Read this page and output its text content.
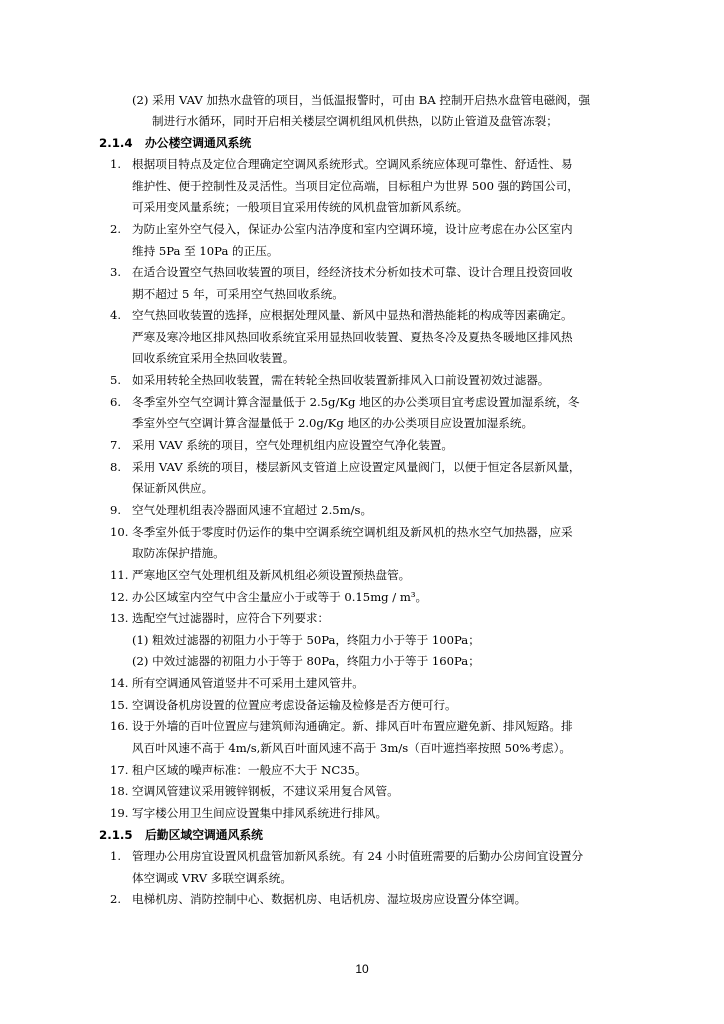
(2) 采用 VAV 加热水盘管的项目，当低温报警时，可由 BA 控制开启热水盘管电磁阀，强
制进行水循环，同时开启相关楼层空调机组风机供热，以防止管道及盘管冻裂；
2.1.4 办公楼空调通风系统
1. 根据项目特点及定位合理确定空调风系统形式。空调风系统应体现可靠性、舒适性、易
维护性、便于控制性及灵活性。当项目定位高端，目标租户为世界 500 强的跨国公司，
可采用变风量系统；一般项目宜采用传统的风机盘管加新风系统。
2. 为防止室外空气侵入，保证办公室内洁净度和室内空调环境，设计应考虑在办公区室内
维持 5Pa 至 10Pa 的正压。
3. 在适合设置空气热回收装置的项目，经经济技术分析如技术可靠、设计合理且投资回收
期不超过 5 年，可采用空气热回收系统。
4. 空气热回收装置的选择，应根据处理风量、新风中显热和潜热能耗的构成等因素确定。
严寒及寒冷地区排风热回收系统宜采用显热回收装置、夏热冬冷及夏热冬暖地区排风热
回收系统宜采用全热回收装置。
5. 如采用转轮全热回收装置，需在转轮全热回收装置新排风入口前设置初效过滤器。
6. 冬季室外空气空调计算含湿量低于 2.5g/Kg 地区的办公类项目宜考虑设置加湿系统，冬
季室外空气空调计算含湿量低于 2.0g/Kg 地区的办公类项目应设置加湿系统。
7. 采用 VAV 系统的项目，空气处理机组内应设置空气净化装置。
8. 采用 VAV 系统的项目，楼层新风支管道上应设置定风量阀门，以便于恒定各层新风量，
保证新风供应。
9. 空气处理机组表冷器面风速不宜超过 2.5m/s。
10. 冬季室外低于零度时仍运作的集中空调系统空调机组及新风机的热水空气加热器，应采
取防冻保护措施。
11. 严寒地区空气处理机组及新风机组必须设置预热盘管。
12. 办公区域室内空气中含尘量应小于或等于 0.15mg / m³。
13. 选配空气过滤器时，应符合下列要求：
(1) 粗效过滤器的初阻力小于等于 50Pa，终阻力小于等于 100Pa；
(2) 中效过滤器的初阻力小于等于 80Pa，终阻力小于等于 160Pa；
14. 所有空调通风管道竖井不可采用土建风管井。
15. 空调设备机房设置的位置应考虑设备运输及检修是否方便可行。
16. 设于外墙的百叶位置应与建筑师沟通确定。新、排风百叶布置应避免新、排风短路。排
风百叶风速不高于 4m/s,新风百叶面风速不高于 3m/s（百叶遮挡率按照 50%考虑）。
17. 租户区域的噪声标准：一般应不大于 NC35。
18. 空调风管建议采用镀锌钢板，不建议采用复合风管。
19. 写字楼公用卫生间应设置集中排风系统进行排风。
2.1.5 后勤区域空调通风系统
1. 管理办公用房宜设置风机盘管加新风系统。有 24 小时值班需要的后勤办公房间宜设置分
体空调或 VRV 多联空调系统。
2. 电梯机房、消防控制中心、数据机房、电话机房、湿垃圾房应设置分体空调。
10
